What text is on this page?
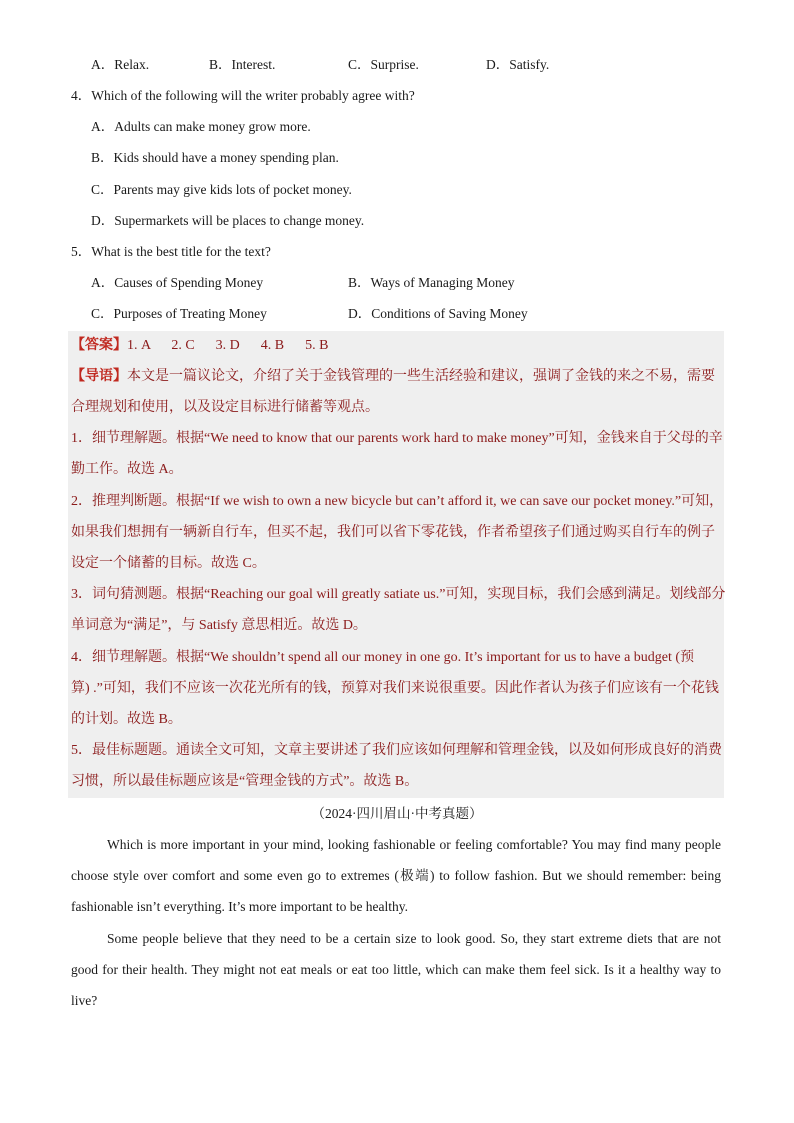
A．Relax.	B．Interest.	C．Surprise.	D．Satisfy.
4．Which of the following will the writer probably agree with?
A．Adults can make money grow more.
B．Kids should have a money spending plan.
C．Parents may give kids lots of pocket money.
D．Supermarkets will be places to change money.
5．What is the best title for the text?
A．Causes of Spending Money	B．Ways of Managing Money
C．Purposes of Treating Money	D．Conditions of Saving Money
【答案】1. A      2. C      3. D      4. B      5. B
【导语】本文是一篇议论文，介绍了关于金钱管理的一些生活经验和建议，强调了金钱的来之不易，需要
合理规划和使用，以及设定目标进行储蓄等观点。
1．细节理解题。根据“We need to know that our parents work hard to make money”可知，金钱来自于父母的辛
勤工作。故选 A。
2．推理判断题。根据“If we wish to own a new bicycle but can’t afford it, we can save our pocket money.”可知，
如果我们想拥有一辆新自行车，但买不起，我们可以省下零花钱，作者希望孩子们通过购买自行车的例子
设定一个储蓄的目标。故选 C。
3．词句猜测题。根据“Reaching our goal will greatly satiate us.”可知，实现目标，我们会感到满足。划线部分
单词意为“满足”，与 Satisfy 意思相近。故选 D。
4．细节理解题。根据“We shouldn’t spend all our money in one go. It’s important for us to have a budget (预
算) .”可知，我们不应该一次花光所有的钱，预算对我们来说很重要。因此作者认为孩子们应该有一个花钱
的计划。故选 B。
5．最佳标题题。通读全文可知，文章主要讲述了我们应该如何理解和管理金钱，以及如何形成良好的消费
习惯，所以最佳标题应该是“管理金钱的方式”。故选 B。
（2024·四川眉山·中考真题）
Which is more important in your mind, looking fashionable or feeling comfortable? You may find many people choose style over comfort and some even go to extremes (极端) to follow fashion. But we should remember: being fashionable isn’t everything. It’s more important to be healthy.
Some people believe that they need to be a certain size to look good. So, they start extreme diets that are not good for their health. They might not eat meals or eat too little, which can make them feel sick. Is it a healthy way to live?
